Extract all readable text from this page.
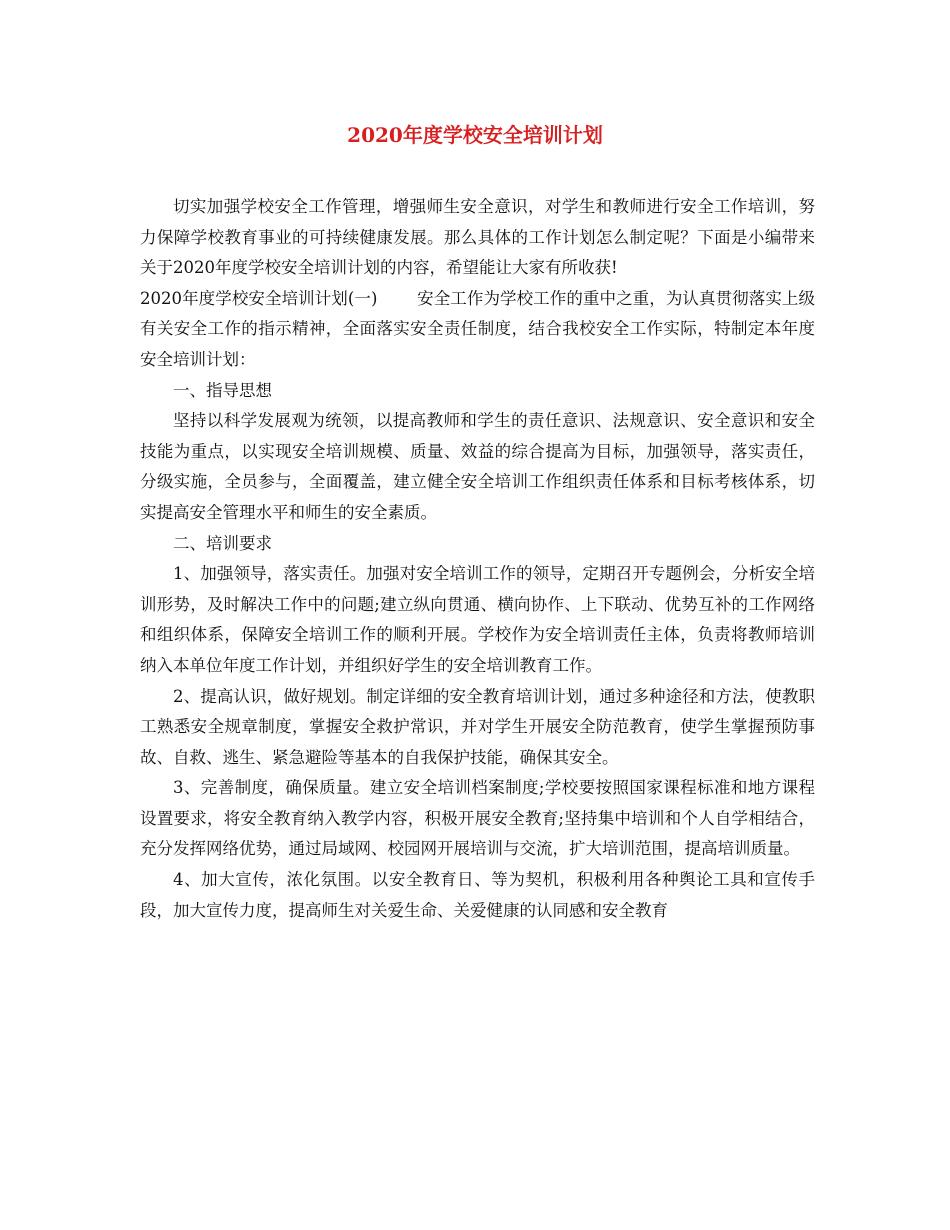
2020年度学校安全培训计划

切实加强学校安全工作管理，增强师生安全意识，对学生和教师进行安全工作培训，努力保障学校教育事业的可持续健康发展。那么具体的工作计划怎么制定呢？下面是小编带来关于2020年度学校安全培训计划的内容，希望能让大家有所收获!

2020年度学校安全培训计划(一) 安全工作为学校工作的重中之重，为认真贯彻落实上级有关安全工作的指示精神，全面落实安全责任制度，结合我校安全工作实际，特制定本年度安全培训计划：

一、指导思想

坚持以科学发展观为统领，以提高教师和学生的责任意识、法规意识、安全意识和安全技能为重点，以实现安全培训规模、质量、效益的综合提高为目标，加强领导，落实责任，分级实施，全员参与，全面覆盖，建立健全安全培训工作组织责任体系和目标考核体系，切实提高安全管理水平和师生的安全素质。

二、培训要求

1、加强领导，落实责任。加强对安全培训工作的领导，定期召开专题例会，分析安全培训形势，及时解决工作中的问题;建立纵向贯通、横向协作、上下联动、优势互补的工作网络和组织体系，保障安全培训工作的顺利开展。学校作为安全培训责任主体，负责将教师培训纳入本单位年度工作计划，并组织好学生的安全培训教育工作。

2、提高认识，做好规划。制定详细的安全教育培训计划，通过多种途径和方法，使教职工熟悉安全规章制度，掌握安全救护常识，并对学生开展安全防范教育，使学生掌握预防事故、自救、逃生、紧急避险等基本的自我保护技能，确保其安全。

3、完善制度，确保质量。建立安全培训档案制度;学校要按照国家课程标准和地方课程设置要求，将安全教育纳入教学内容，积极开展安全教育;坚持集中培训和个人自学相结合，充分发挥网络优势，通过局域网、校园网开展培训与交流，扩大培训范围，提高培训质量。

4、加大宣传，浓化氛围。以安全教育日、等为契机，积极利用各种舆论工具和宣传手段，加大宣传力度，提高师生对关爱生命、关爱健康的认同感和安全教育
